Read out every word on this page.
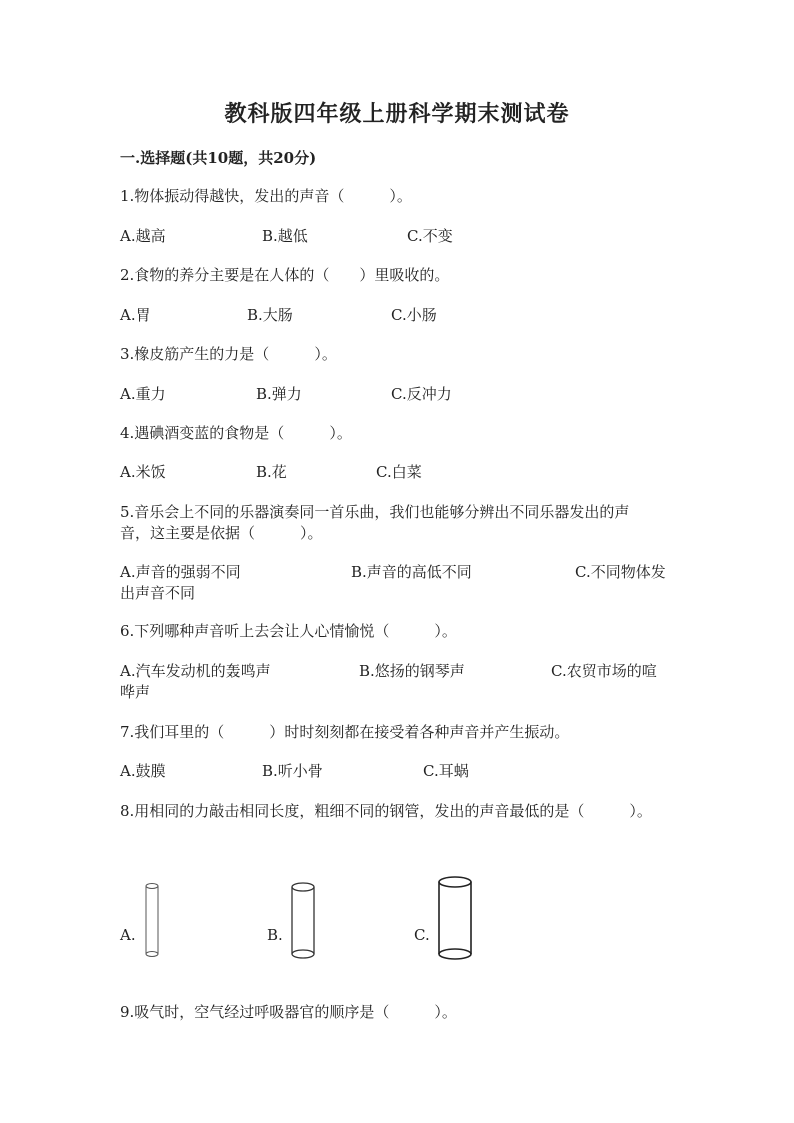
教科版四年级上册科学期末测试卷
一.选择题(共10题，共20分)
1.物体振动得越快，发出的声音（　　　）。
A.越高	B.越低	C.不变
2.食物的养分主要是在人体的（　　）里吸收的。
A.胃	B.大肠	C.小肠
3.橡皮筋产生的力是（　　　）。
A.重力	B.弹力	C.反冲力
4.遇碘酒变蓝的食物是（　　　）。
A.米饭	B.花	C.白菜
5.音乐会上不同的乐器演奏同一首乐曲，我们也能够分辨出不同乐器发出的声
音，这主要是依据（　　　）。
A.声音的强弱不同	B.声音的高低不同	C.不同物体发
出声音不同
6.下列哪种声音听上去会让人心情愉悦（　　　）。
A.汽车发动机的轰鸣声	B.悠扬的钢琴声	C.农贸市场的喧
哗声
7.我们耳里的（　　　）时时刻刻都在接受着各种声音并产生振动。
A.鼓膜	B.听小骨	C.耳蜗
8.用相同的力敲击相同长度，粗细不同的钢管，发出的声音最低的是（　　　）。
A.	B.	C.
9.吸气时，空气经过呼吸器官的顺序是（　　　）。
